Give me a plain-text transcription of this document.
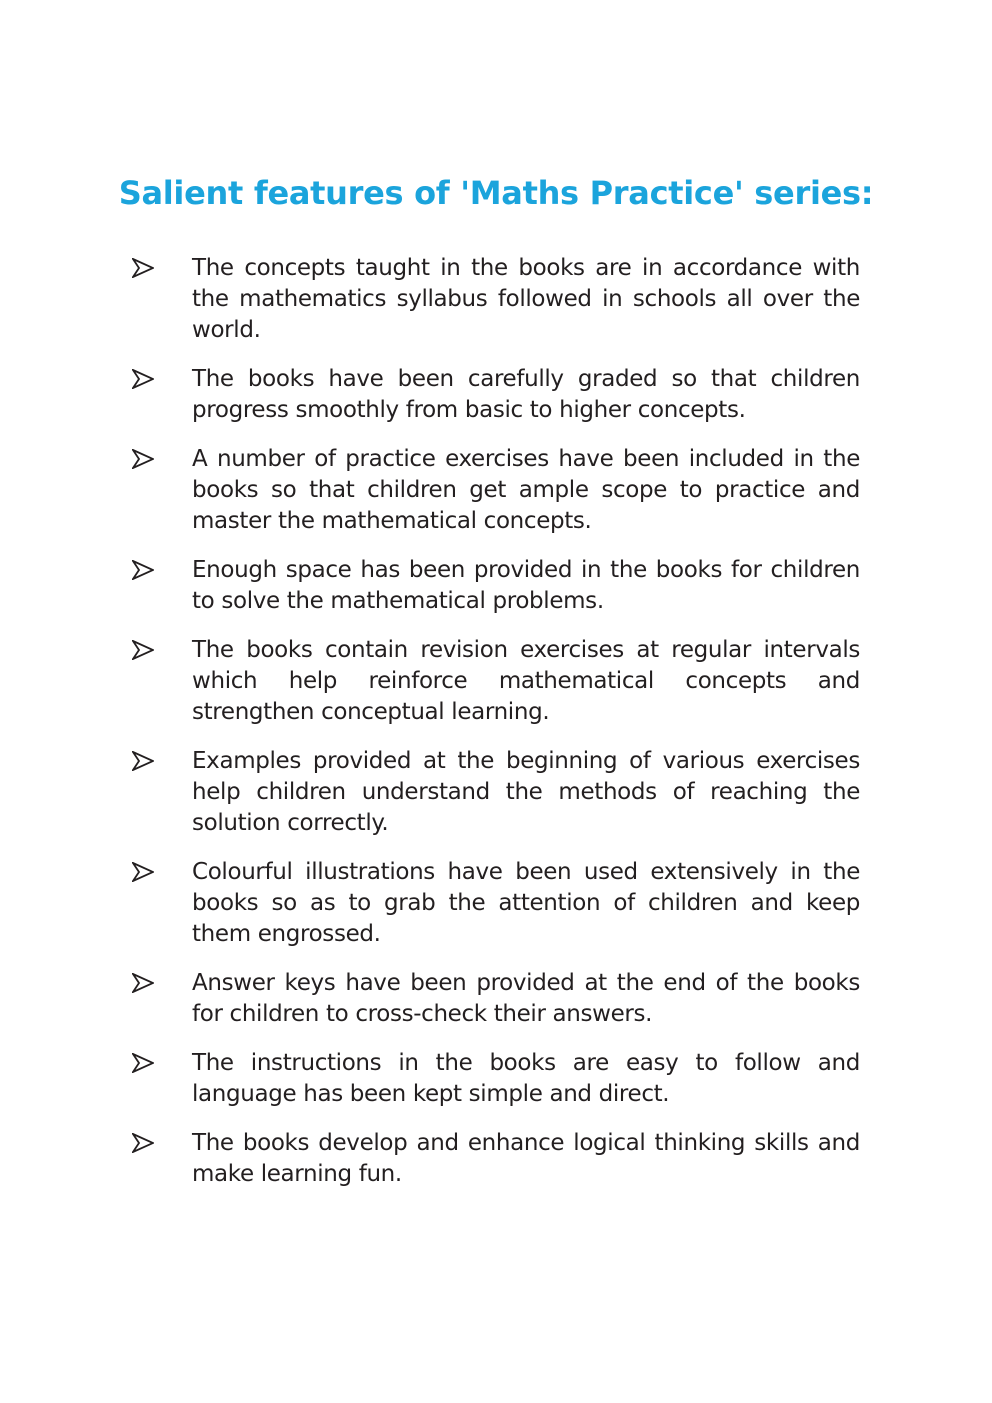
Salient features of 'Maths Practice' series:
The concepts taught in the books are in accordance with the mathematics syllabus followed in schools all over the world.
The books have been carefully graded so that children progress smoothly from basic to higher concepts.
A number of practice exercises have been included in the books so that children get ample scope to practice and master the mathematical concepts.
Enough space has been provided in the books for children to solve the mathematical problems.
The books contain revision exercises at regular intervals which help reinforce mathematical concepts and strengthen conceptual learning.
Examples provided at the beginning of various exercises help children understand the methods of reaching the solution correctly.
Colourful illustrations have been used extensively in the books so as to grab the attention of children and keep them engrossed.
Answer keys have been provided at the end of the books for children to cross-check their answers.
The instructions in the books are easy to follow and language has been kept simple and direct.
The books develop and enhance logical thinking skills and make learning fun.
